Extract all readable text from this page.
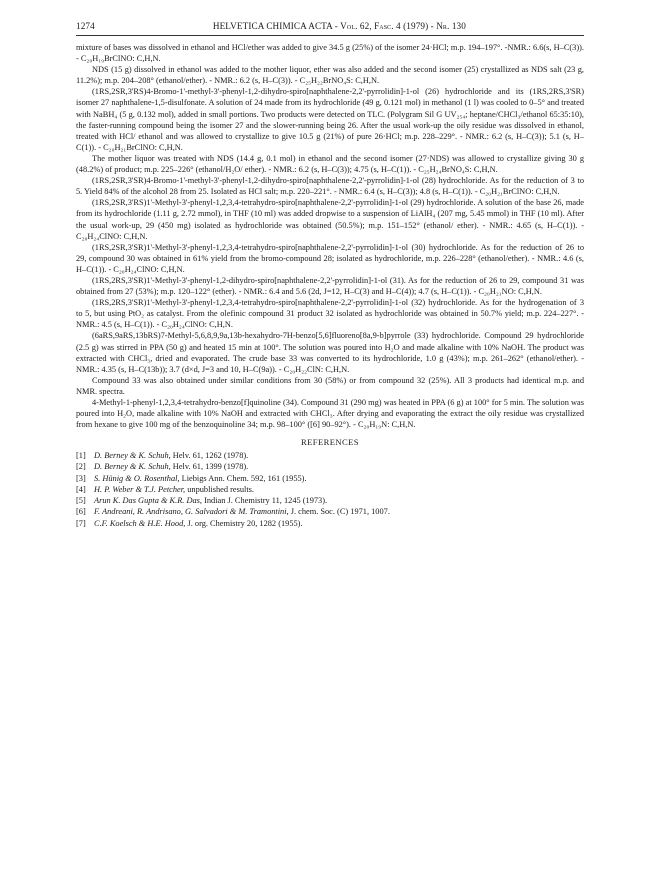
1274	HELVETICA CHIMICA ACTA - Vol. 62, Fasc. 4 (1979) - Nr. 130

mixture of bases was dissolved in ethanol and HCl/ether was added to give 34.5 g (25%) of the isomer 24·HCl; m.p. 194–197°. -NMR.: 6.6(s, H–C(3)). - C₂₀H₁₉BrClNO: C,H,N.

NDS (15 g) dissolved in ethanol was added to the mother liquor, ether was also added and the second isomer (25) crystallized as NDS salt (23 g, 11.2%); m.p. 204–208° (ethanol/ether). - NMR.: 6.2 (s, H–C(3)). - C₂₅H₂₂BrNO₄S: C,H,N.

(1RS,2SR,3'RS)4-Bromo-1'-methyl-3'-phenyl-1,2-dihydro-spiro[naphthalene-2,2'-pyrrolidin]-1-ol (26) hydrochloride and its (1RS,2RS,3'SR) isomer 27 naphthalene-1,5-disulfonate. A solution of 24 made from its hydrochloride (49 g, 0.121 mol) in methanol (1 l) was cooled to 0–5° and treated with NaBH₄ (5 g, 0.132 mol), added in small portions. Two products were detected on TLC. (Polygram Sil G UV₂₅₄; heptane/CHCl₃/ethanol 65:35:10), the faster-running compound being the isomer 27 and the slower-running being 26. After the usual work-up the oily residue was dissolved in ethanol, treated with HCl/ ethanol and was allowed to crystallize to give 10.5 g (21%) of pure 26·HCl; m.p. 228–229°. - NMR.: 6.2 (s, H–C(3)); 5.1 (s, H–C(1)). - C₂₀H₂₁BrClNO: C,H,N.

The mother liquor was treated with NDS (14.4 g, 0.1 mol) in ethanol and the second isomer (27·NDS) was allowed to crystallize giving 30 g (48.2%) of product; m.p. 225–226° (ethanol/H₂O/ ether). - NMR.: 6.2 (s, H–C(3)); 4.75 (s, H–C(1)). - C₂₅H₂₄BrNO₄S: C,H,N.

(1RS,2SR,3'SR)4-Bromo-1'-methyl-3'-phenyl-1,2-dihydro-spiro[naphthalene-2,2'-pyrrolidin]-1-ol (28) hydrochloride. As for the reduction of 3 to 5. Yield 84% of the alcohol 28 from 25. Isolated as HCl salt; m.p. 220–221°. - NMR.: 6.4 (s, H–C(3)); 4.8 (s, H–C(1)). - C₂₀H₂₁BrClNO: C,H,N.

(1RS,2SR,3'RS)1'-Methyl-3'-phenyl-1,2,3,4-tetrahydro-spiro[naphthalene-2,2'-pyrrolidin]-1-ol (29) hydrochloride. A solution of the base 26, made from its hydrochloride (1.11 g, 2.72 mmol), in THF (10 ml) was added dropwise to a suspension of LiAlH₄ (207 mg, 5.45 mmol) in THF (10 ml). After the usual work-up, 29 (450 mg) isolated as hydrochloride was obtained (50.5%); m.p. 151–152° (ethanol/ ether). - NMR.: 4.65 (s, H–C(1)). - C₂₀H₂₄ClNO: C,H,N.

(1RS,2SR,3'SR)1'-Methyl-3'-phenyl-1,2,3,4-tetrahydro-spiro[naphthalene-2,2'-pyrrolidin]-1-ol (30) hydrochloride. As for the reduction of 26 to 29, compound 30 was obtained in 61% yield from the bromo-compound 28; isolated as hydrochloride, m.p. 226–228° (ethanol/ether). - NMR.: 4.6 (s, H–C(1)). - C₂₀H₂₄ClNO: C,H,N.

(1RS,2RS,3'SR)1'-Methyl-3'-phenyl-1,2-dihydro-spiro[naphthalene-2,2'-pyrrolidin]-1-ol (31). As for the reduction of 26 to 29, compound 31 was obtained from 27 (53%); m.p. 120–122° (ether). - NMR.: 6.4 and 5.6 (2d, J=12, H–C(3) and H–C(4)); 4.7 (s, H–C(1)). - C₂₀H₂₁NO: C,H,N.

(1RS,2RS,3'SR)1'-Methyl-3'-phenyl-1,2,3,4-tetrahydro-spiro[naphthalene-2,2'-pyrrolidin]-1-ol (32) hydrochloride. As for the hydrogenation of 3 to 5, but using PtO₂ as catalyst. From the olefinic compound 31 product 32 isolated as hydrochloride was obtained in 50.7% yield; m.p. 224–227°. - NMR.: 4.5 (s, H–C(1)). - C₂₀H₂₄ClNO: C,H,N.

(6aRS,9aRS,13bRS)7-Methyl-5,6,8,9,9a,13b-hexahydro-7H-benzo[5,6]fluoreno[8a,9-b]pyrrole (33) hydrochloride. Compound 29 hydrochloride (2.5 g) was stirred in PPA (50 g) and heated 15 min at 100°. The solution was poured into H₂O and made alkaline with 10% NaOH. The product was extracted with CHCl₃, dried and evaporated. The crude base 33 was converted to its hydrochloride, 1.0 g (43%); m.p. 261–262° (ethanol/ether). - NMR.: 4.35 (s, H–C(13b)); 3.7 (d×d, J=3 and 10, H–C(9a)). - C₂₀H₂₂ClN: C,H,N.

Compound 33 was also obtained under similar conditions from 30 (58%) or from compound 32 (25%). All 3 products had identical m.p. and NMR. spectra.

4-Methyl-1-phenyl-1,2,3,4-tetrahydro-benzo[f]quinoline (34). Compound 31 (290 mg) was heated in PPA (6 g) at 100° for 5 min. The solution was poured into H₂O, made alkaline with 10% NaOH and extracted with CHCl₃. After drying and evaporating the extract the oily residue was crystallized from hexane to give 100 mg of the benzoquinoline 34; m.p. 98–100° ([6] 90–92°). - C₂₀H₁₉N: C,H,N.

REFERENCES
[1] D. Berney & K. Schuh, Helv. 61, 1262 (1978).
[2] D. Berney & K. Schuh, Helv. 61, 1399 (1978).
[3] S. Hünig & O. Rosenthal, Liebigs Ann. Chem. 592, 161 (1955).
[4] H. P. Weber & T.J. Petcher, unpublished results.
[5] Arun K. Das Gupta & K.R. Das, Indian J. Chemistry 11, 1245 (1973).
[6] F. Andreani, R. Andrisano, G. Salvadori & M. Tramontini, J. chem. Soc. (C) 1971, 1007.
[7] C.F. Koelsch & H.E. Hood, J. org. Chemistry 20, 1282 (1955).
